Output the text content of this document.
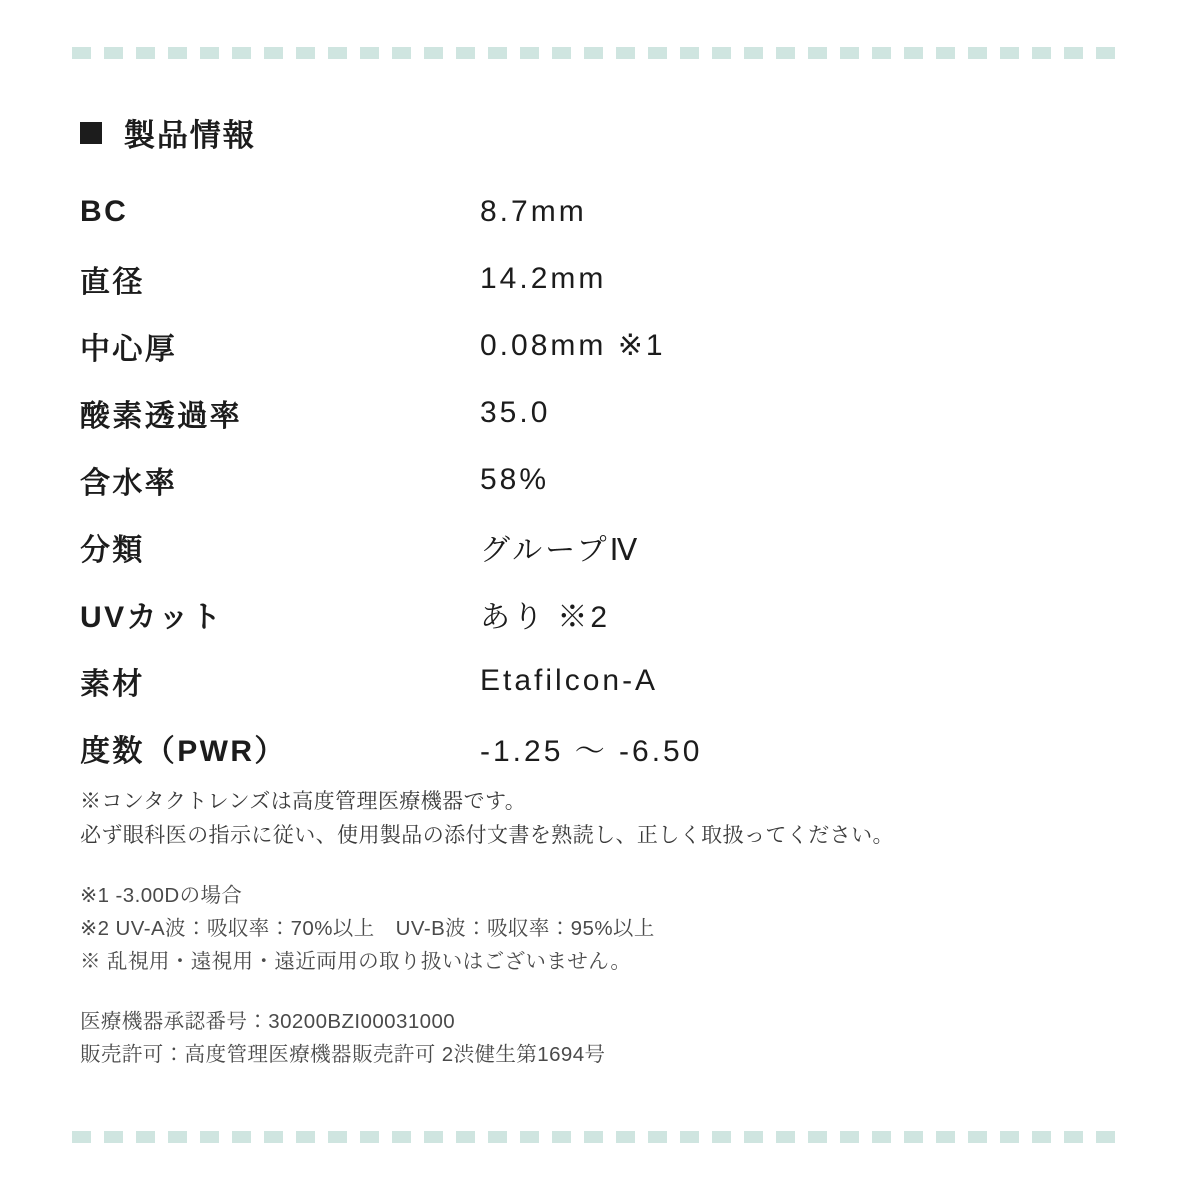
製品情報
BC	8.7mm
直径	14.2mm
中心厚	0.08mm ※1
酸素透過率	35.0
含水率	58%
分類	グループⅣ
UVカット	あり ※2
素材	Etafilcon-A
度数（PWR）	-1.25 ～ -6.50
※コンタクトレンズは高度管理医療機器です。
必ず眼科医の指示に従い、使用製品の添付文書を熟読し、正しく取扱ってください。
※1 -3.00Dの場合
※2 UV-A波：吸収率：70%以上　UV-B波：吸収率：95%以上
※ 乱視用・遠視用・遠近両用の取り扱いはございません。
医療機器承認番号：30200BZI00031000
販売許可：高度管理医療機器販売許可 2渋健生第1694号
